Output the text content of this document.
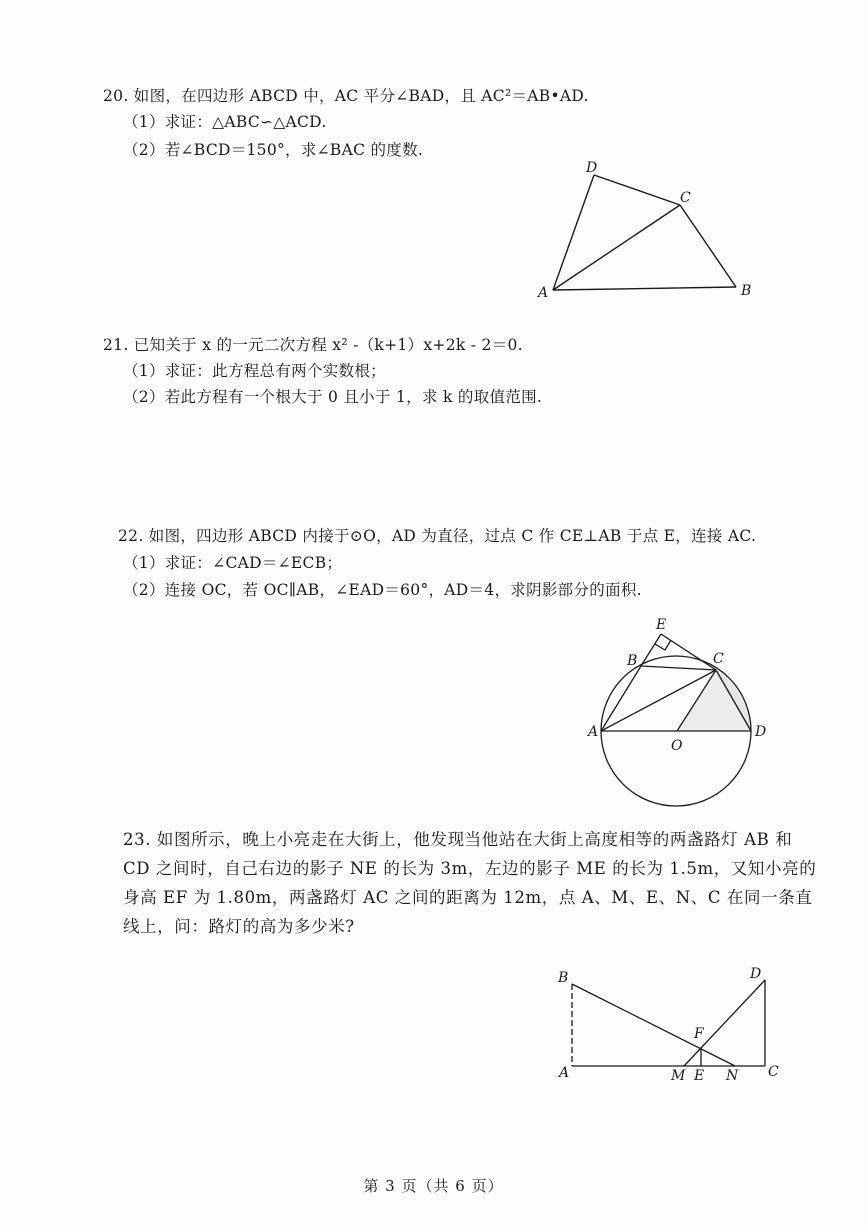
20. 如图，在四边形 ABCD 中，AC 平分∠BAD，且 AC²＝AB•AD.
（1）求证：△ABC∽△ACD.
（2）若∠BCD＝150°，求∠BAC 的度数.
A	B
C
D
21. 已知关于 x 的一元二次方程 x² -（k+1）x+2k - 2＝0.
（1）求证：此方程总有两个实数根；
（2）若此方程有一个根大于 0 且小于 1，求 k 的取值范围.
22. 如图，四边形 ABCD 内接于⊙O，AD 为直径，过点 C 作 CE⊥AB 于点 E，连接 AC.
（1）求证：∠CAD＝∠ECB；
（2）连接 OC，若 OC∥AB，∠EAD＝60°，AD＝4，求阴影部分的面积.
E
B	C
A	D
O
23. 如图所示，晚上小亮走在大街上，他发现当他站在大街上高度相等的两盏路灯 AB 和
CD 之间时，自己右边的影子 NE 的长为 3m，左边的影子 ME 的长为 1.5m，又知小亮的
身高 EF 为 1.80m，两盏路灯 AC 之间的距离为 12m，点 A、M、E、N、C 在同一条直
线上，问：路灯的高为多少米?
B	D
F
A	M E N C
第 3 页（共 6 页）
